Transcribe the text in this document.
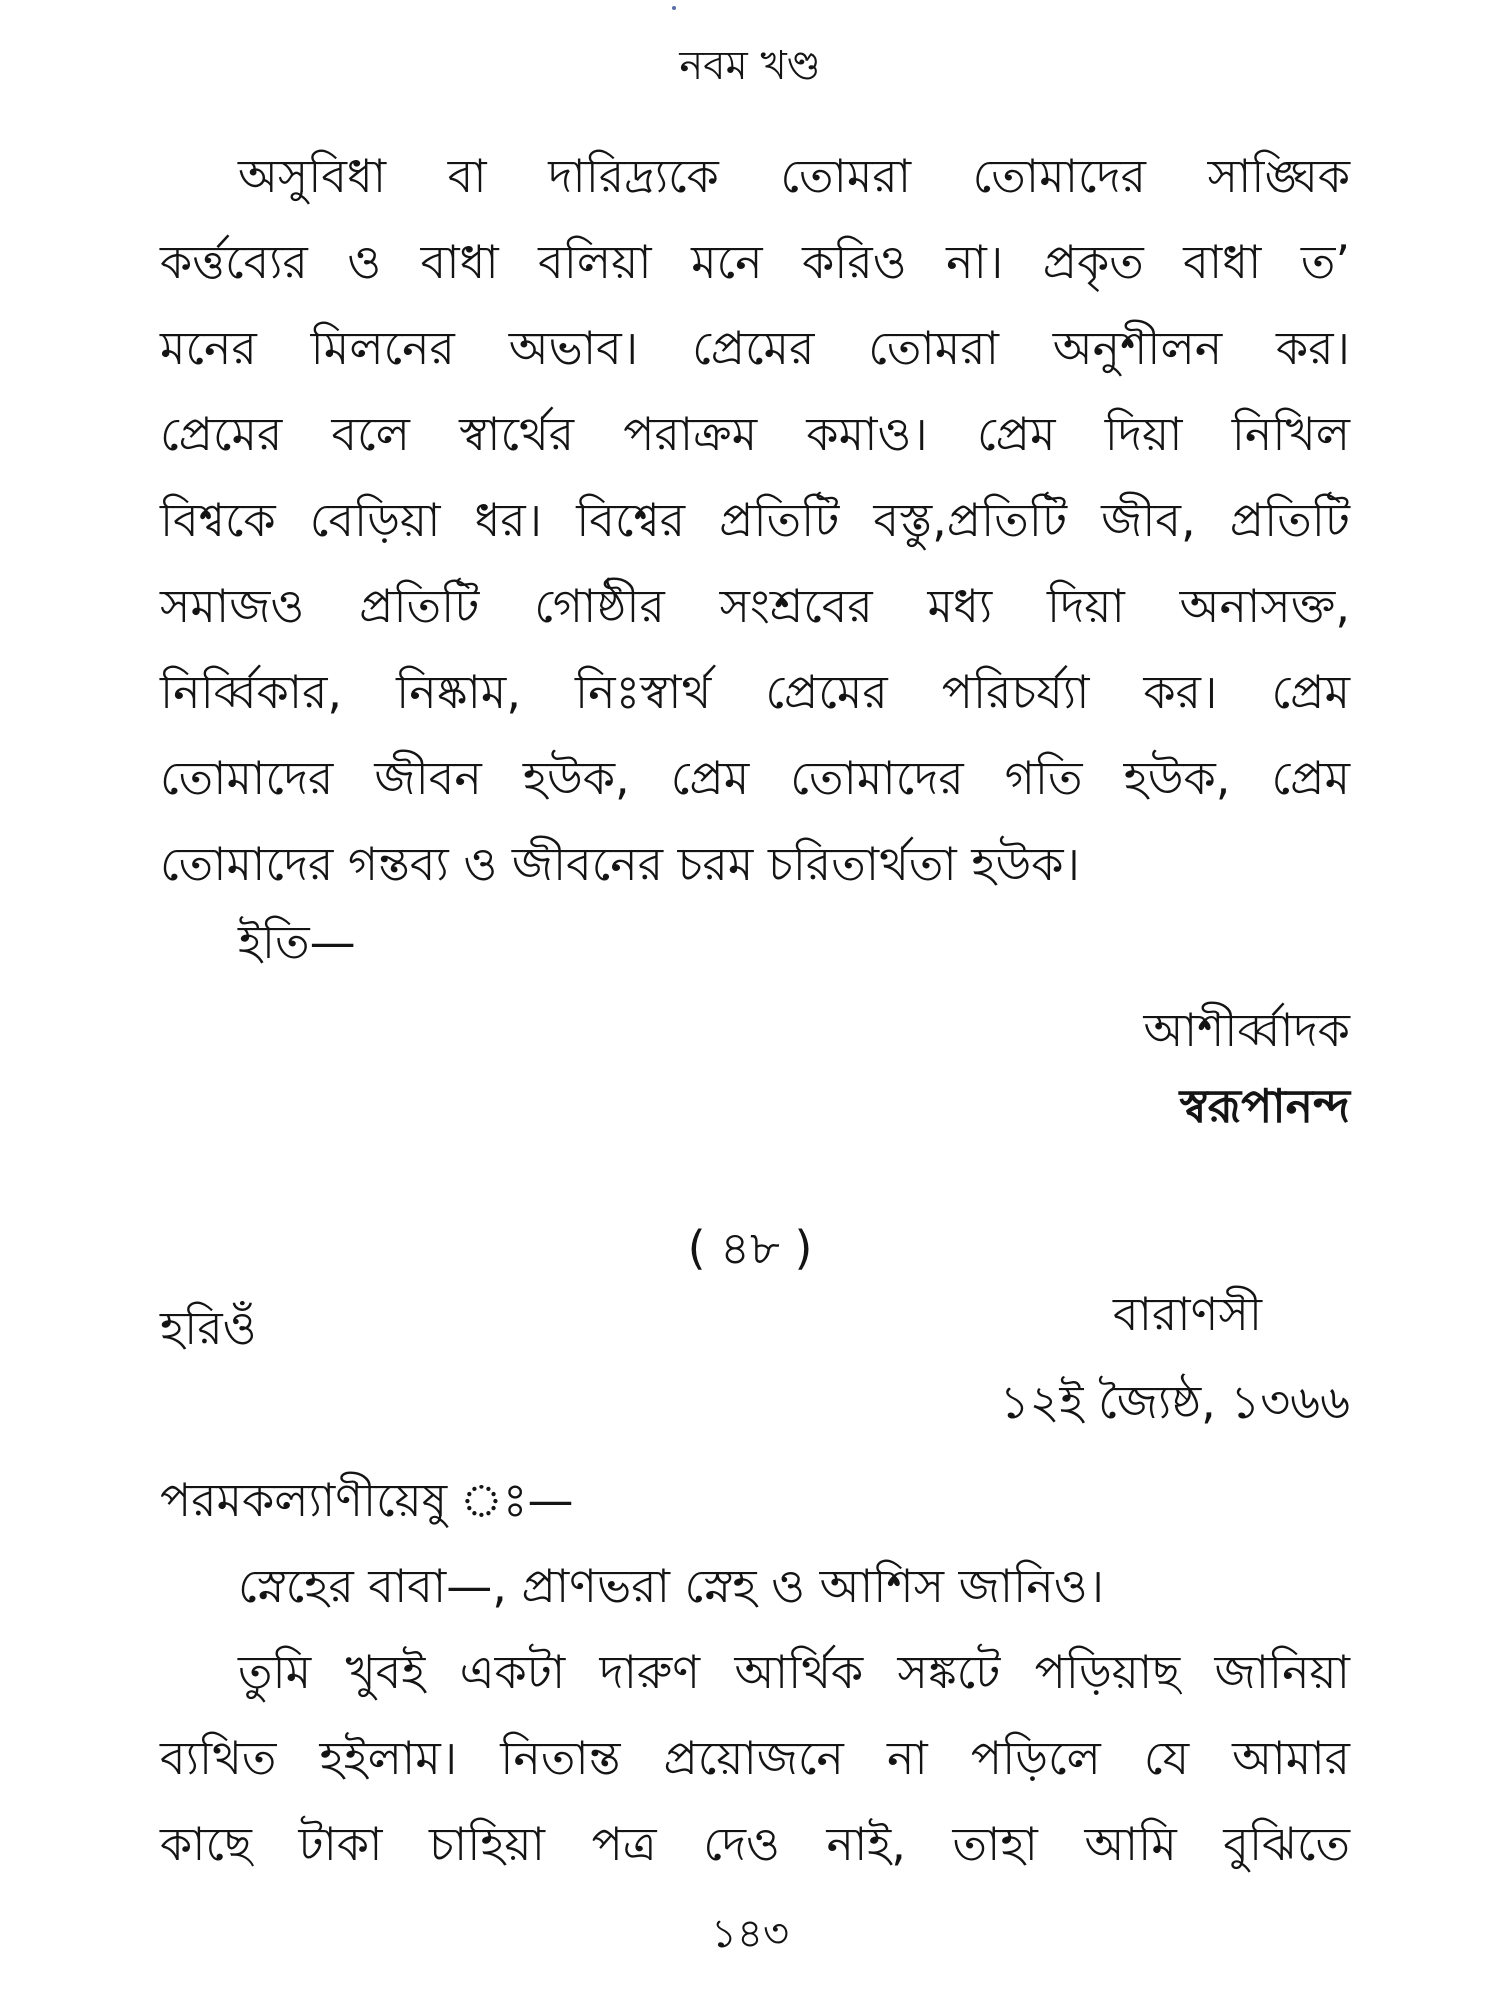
নবম খণ্ড
অসুবিধা বা দারিদ্র্যকে তোমরা তোমাদের সাঙ্ঘিক
কর্ত্তব্যের ও বাধা বলিয়া মনে করিও না। প্রকৃত বাধা ত’
মনের মিলনের অভাব। প্রেমের তোমরা অনুশীলন কর।
প্রেমের বলে স্বার্থের পরাক্রম কমাও। প্রেম দিয়া নিখিল
বিশ্বকে বেড়িয়া ধর। বিশ্বের প্রতিটি বস্তু,প্রতিটি জীব, প্রতিটি
সমাজও প্রতিটি গোষ্ঠীর সংশ্রবের মধ্য দিয়া অনাসক্ত,
নির্ব্বিকার, নিষ্কাম, নিঃস্বার্থ প্রেমের পরিচর্য্যা কর। প্রেম
তোমাদের জীবন হউক, প্রেম তোমাদের গতি হউক, প্রেম
তোমাদের গন্তব্য ও জীবনের চরম চরিতার্থতা হউক।
ইতি—
আশীর্ব্বাদক
স্বরূপানন্দ
( ৪৮ )
হরিওঁ	বারাণসী
১২ই জ্যৈষ্ঠ, ১৩৬৬
পরমকল্যাণীয়েষু ঃ—
স্নেহের বাবা—, প্রাণভরা স্নেহ ও আশিস জানিও।
তুমি খুবই একটা দারুণ আর্থিক সঙ্কটে পড়িয়াছ জানিয়া
ব্যথিত হইলাম। নিতান্ত প্রয়োজনে না পড়িলে যে আমার
কাছে টাকা চাহিয়া পত্র দেও নাই, তাহা আমি বুঝিতে
১৪৩
